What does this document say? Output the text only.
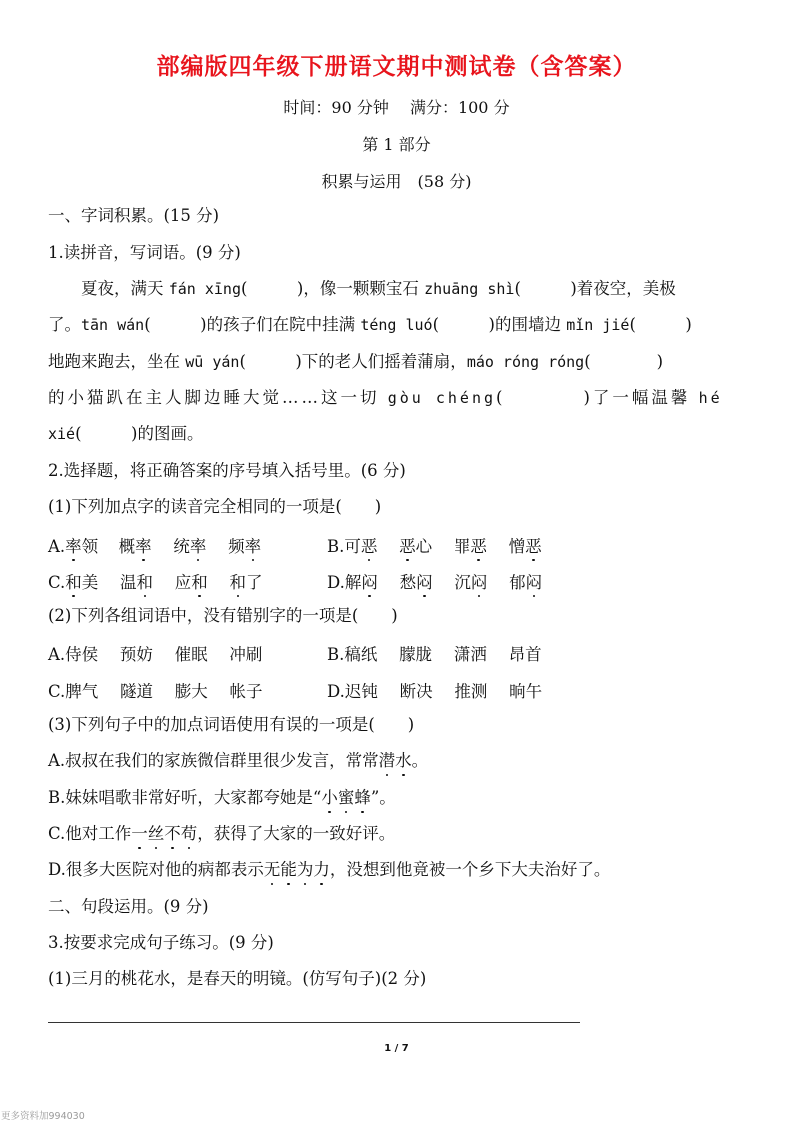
部编版四年级下册语文期中测试卷（含答案）
时间：90 分钟　 满分：100 分
第 1 部分
积累与运用　(58 分)
一、字词积累。(15 分)
1.读拼音，写词语。(9 分)
　　夏夜，满天 fán xīng(　　　)，像一颗颗宝石 zhuāng shì(　　　)着夜空，美极
了。tān wán(　　　)的孩子们在院中挂满 téng luó(　　　)的围墙边 mǐn jié(　　　)
地跑来跑去，坐在 wū yán(　　　)下的老人们摇着蒲扇，máo róng róng(　　　　)
的小猫趴在主人脚边睡大觉……这一切 gòu chéng(　　　　)了一幅温馨 hé
xié(　　　)的图画。
2.选择题，将正确答案的序号填入括号里。(6 分)
(1)下列加点字的读音完全相同的一项是(　　)
A.率领　概率　 统率　 频率	B.可恶　 恶心　 罪恶　 憎恶
C.和美　 温和　 应和　 和了	D.解闷　 愁闷　 沉闷　 郁闷
(2)下列各组词语中，没有错别字的一项是(　　)
A.侍侯　 预妨　 催眠　 冲刷	B.稿纸　 朦胧　 潇洒　 昂首
C.脾气　 隧道　 膨大　 帐子	D.迟钝　 断决　 推测　 晌午
(3)下列句子中的加点词语使用有误的一项是(　　)
A.叔叔在我们的家族微信群里很少发言，常常潜水。
B.妹妹唱歌非常好听，大家都夸她是“小蜜蜂”。
C.他对工作一丝不苟，获得了大家的一致好评。
D.很多大医院对他的病都表示无能为力，没想到他竟被一个乡下大夫治好了。
二、句段运用。(9 分)
3.按要求完成句子练习。(9 分)
(1)三月的桃花水，是春天的明镜。(仿写句子)(2 分)
1 / 7
更多资料加994030
